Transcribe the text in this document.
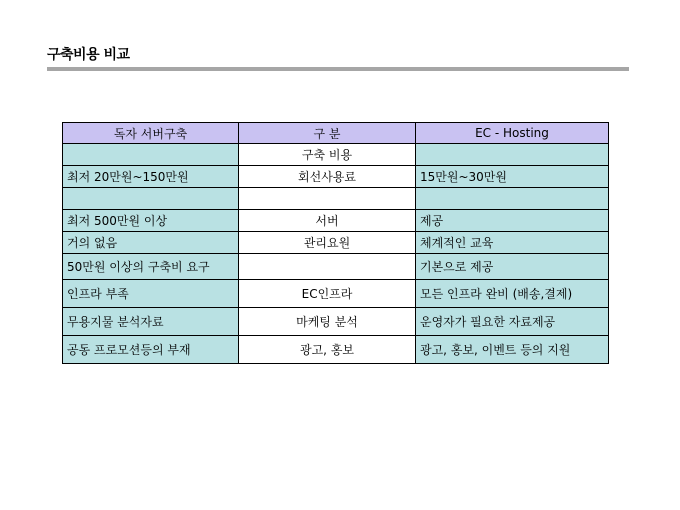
구축비용 비교
독자 서버구축	구 분	EC - Hosting
	구축 비용	
최저 20만원~150만원	회선사용료	15만원~30만원

최저 500만원 이상	서버	제공
거의 없음	관리요원	체계적인 교육
50만원 이상의 구축비 요구		기본으로 제공
인프라 부족	EC인프라	모든 인프라 완비 (배송,결제)
무용지물 분석자료	마케팅 분석	운영자가 필요한 자료제공
공동 프로모션등의 부재	광고, 홍보	광고, 홍보, 이벤트 등의 지원
